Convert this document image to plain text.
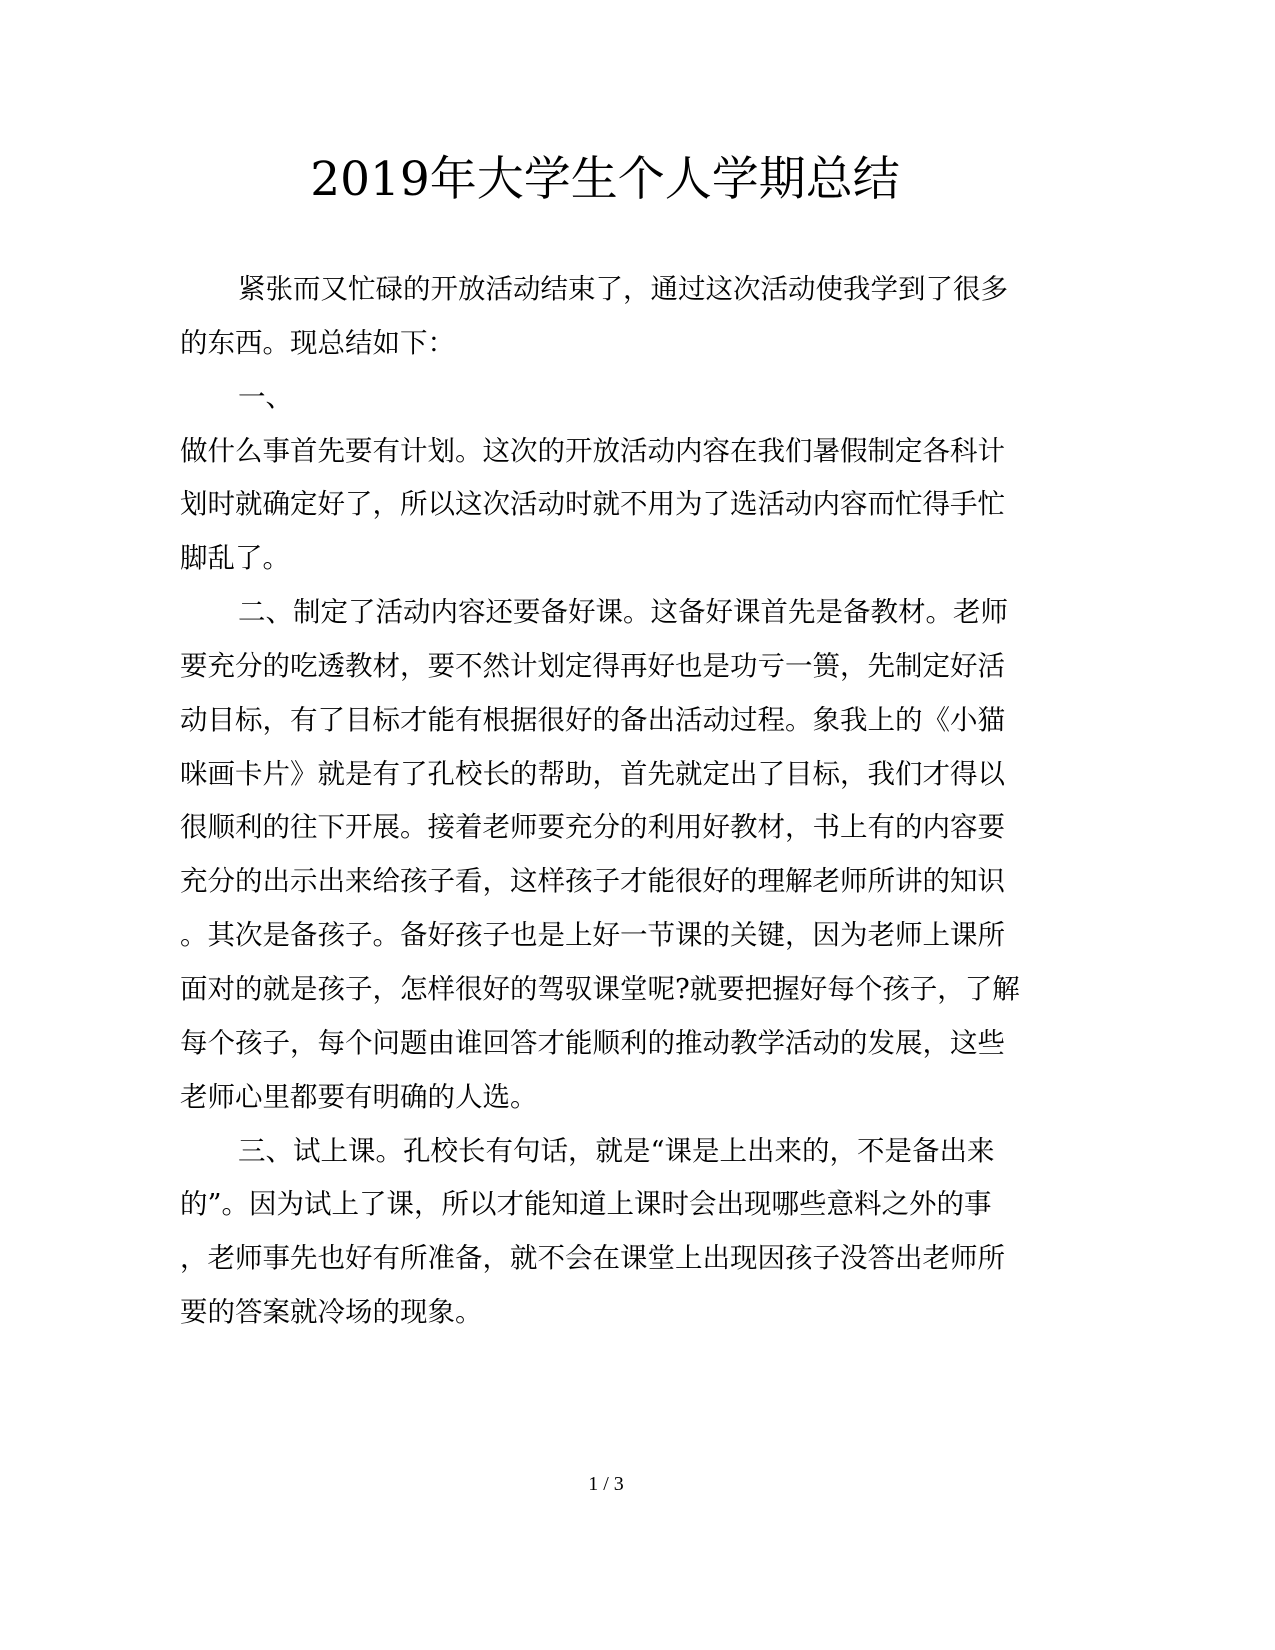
2019年大学生个人学期总结
紧张而又忙碌的开放活动结束了，通过这次活动使我学到了很多
的东西。现总结如下：
一、
做什么事首先要有计划。这次的开放活动内容在我们暑假制定各科计
划时就确定好了，所以这次活动时就不用为了选活动内容而忙得手忙
脚乱了。
二、制定了活动内容还要备好课。这备好课首先是备教材。老师
要充分的吃透教材，要不然计划定得再好也是功亏一篑，先制定好活
动目标，有了目标才能有根据很好的备出活动过程。象我上的《小猫
咪画卡片》就是有了孔校长的帮助，首先就定出了目标，我们才得以
很顺利的往下开展。接着老师要充分的利用好教材，书上有的内容要
充分的出示出来给孩子看，这样孩子才能很好的理解老师所讲的知识
。其次是备孩子。备好孩子也是上好一节课的关键，因为老师上课所
面对的就是孩子，怎样很好的驾驭课堂呢?就要把握好每个孩子，了解
每个孩子，每个问题由谁回答才能顺利的推动教学活动的发展，这些
老师心里都要有明确的人选。
三、试上课。孔校长有句话，就是“课是上出来的，不是备出来
的”。因为试上了课，所以才能知道上课时会出现哪些意料之外的事
，老师事先也好有所准备，就不会在课堂上出现因孩子没答出老师所
要的答案就冷场的现象。
1 / 3
